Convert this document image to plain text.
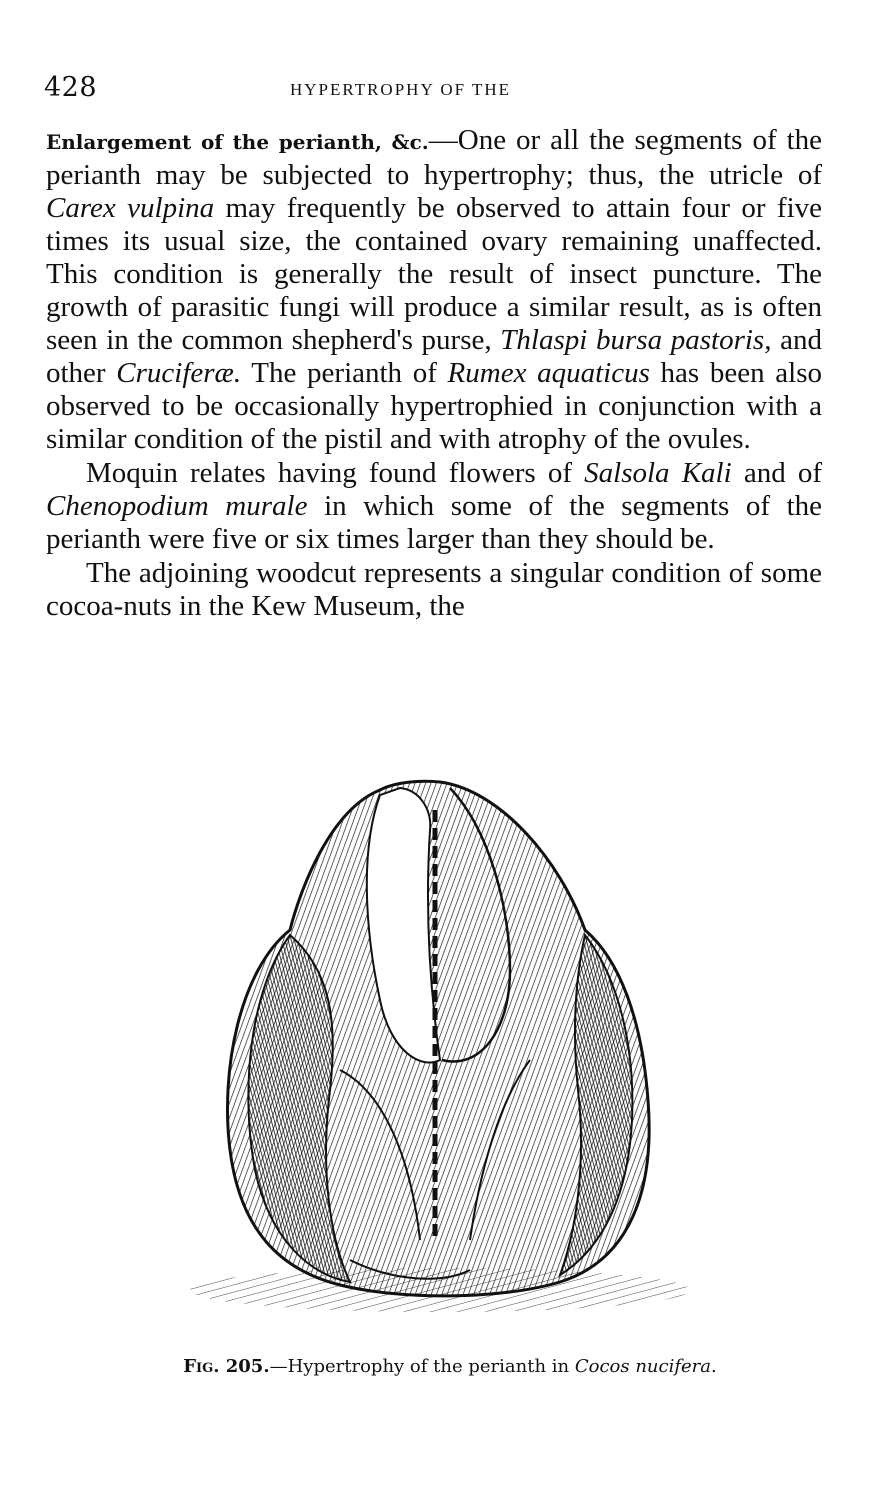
428	HYPERTROPHY OF THE

Enlargement of the perianth, &c.—One or all the segments of the perianth may be subjected to hypertrophy; thus, the utricle of Carex vulpina may frequently be observed to attain four or five times its usual size, the contained ovary remaining unaffected. This condition is generally the result of insect puncture. The growth of parasitic fungi will produce a similar result, as is often seen in the common shepherd's purse, Thlaspi bursa pastoris, and other Cruciferæ. The perianth of Rumex aquaticus has been also observed to be occasionally hypertrophied in conjunction with a similar condition of the pistil and with atrophy of the ovules.

Moquin relates having found flowers of Salsola Kali and of Chenopodium murale in which some of the segments of the perianth were five or six times larger than they should be.

The adjoining woodcut represents a singular condition of some cocoa-nuts in the Kew Museum, the

Fig. 205.—Hypertrophy of the perianth in Cocos nucifera.
